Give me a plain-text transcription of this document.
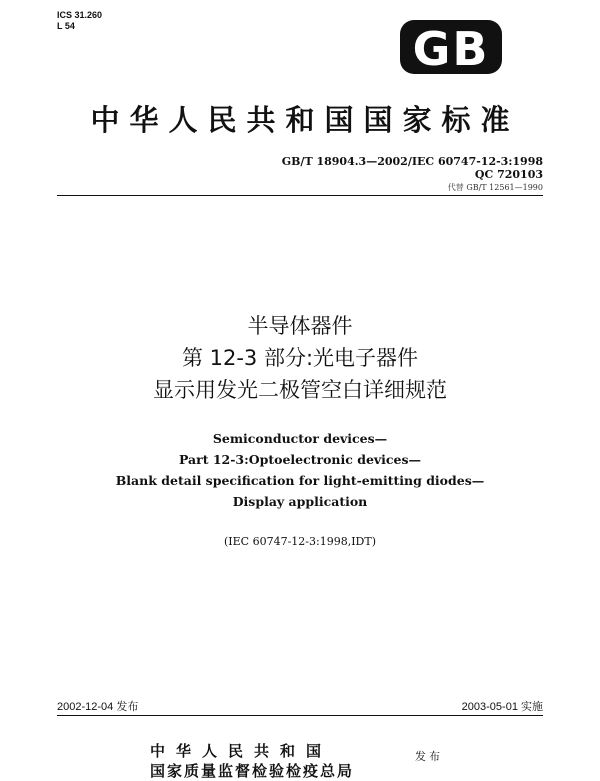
ICS 31.260
L 54	GB
中华人民共和国国家标准
GB/T 18904.3—2002/IEC 60747-12-3:1998
QC 720103
代替 GB/T 12561—1990
半导体器件
第 12-3 部分:光电子器件
显示用发光二极管空白详细规范
Semiconductor devices—
Part 12-3:Optoelectronic devices—
Blank detail specification for light-emitting diodes—
Display application
(IEC 60747-12-3:1998,IDT)
2002-12-04 发布	2003-05-01 实施
中华人民共和国
国家质量监督检验检疫总局
发布
